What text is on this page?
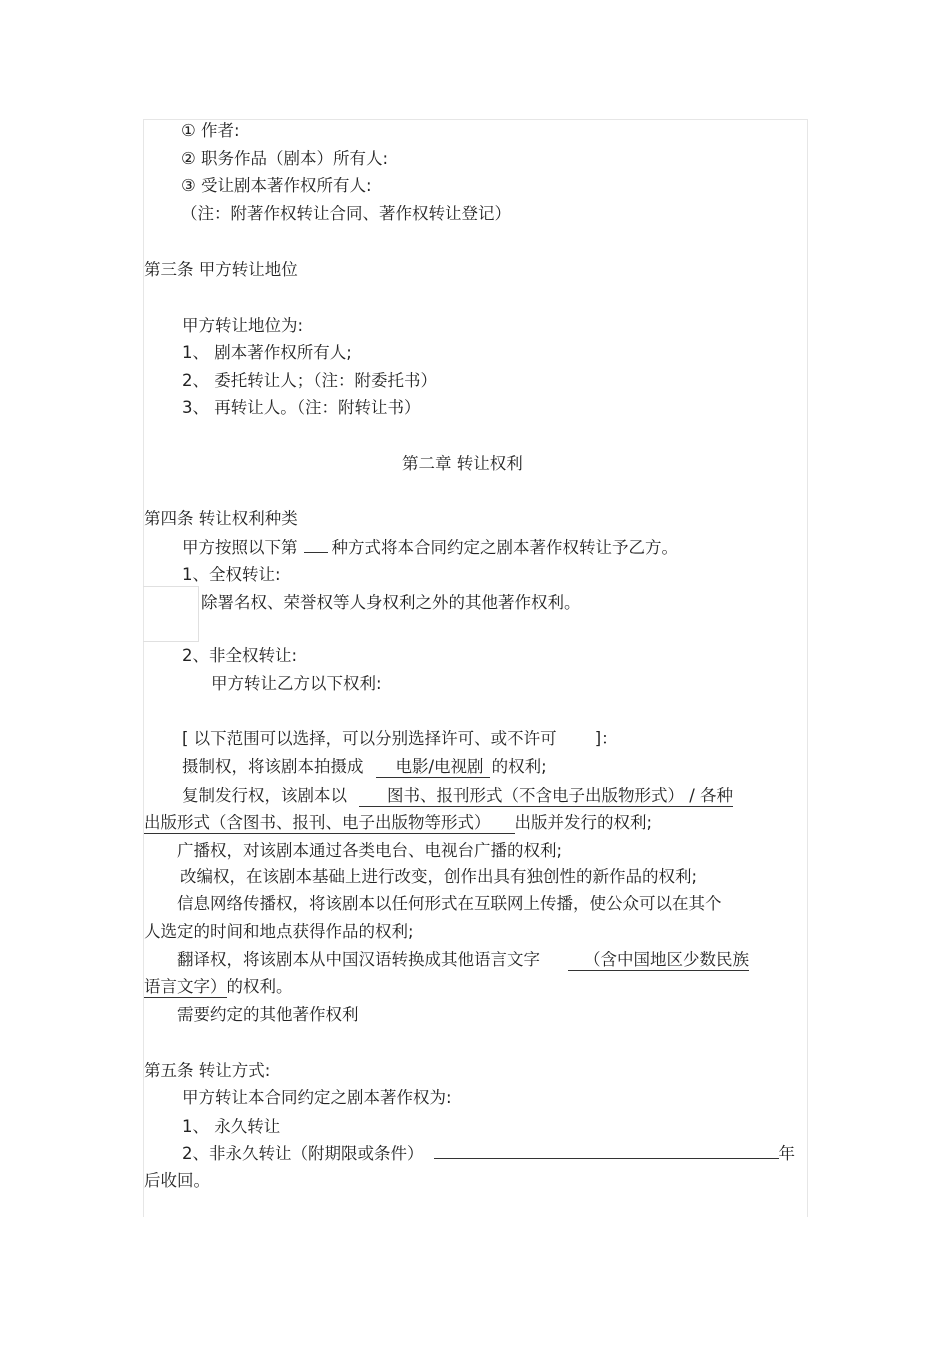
① 作者:
② 职务作品（剧本）所有人:
③ 受让剧本著作权所有人:
（注：附著作权转让合同、著作权转让登记）
第三条 甲方转让地位
甲方转让地位为:
1、 剧本著作权所有人;
2、 委托转让人；（注：附委托书）
3、 再转让人。（注：附转让书）
第二章 转让权利
第四条 转让权利种类
甲方按照以下第 种方式将本合同约定之剧本著作权转让予乙方。
1、全权转让:
除署名权、荣誉权等人身权利之外的其他著作权利。
2、非全权转让:
甲方转让乙方以下权利:
[ 以下范围可以选择，可以分别选择许可、或不许可 ]：
摄制权，将该剧本拍摄成 电影/电视剧 的权利;
复制发行权，该剧本以 图书、报刊形式（不含电子出版物形式） / 各种
出版形式（含图书、报刊、电子出版物等形式） 出版并发行的权利;
广播权，对该剧本通过各类电台、电视台广播的权利;
改编权，在该剧本基础上进行改变，创作出具有独创性的新作品的权利;
信息网络传播权，将该剧本以任何形式在互联网上传播，使公众可以在其个
人选定的时间和地点获得作品的权利;
翻译权，将该剧本从中国汉语转换成其他语言文字	（含中国地区少数民族
语言文字）的权利。
需要约定的其他著作权利
第五条 转让方式:
甲方转让本合同约定之剧本著作权为:
1、 永久转让
2、非永久转让（附期限或条件）	年
后收回。
